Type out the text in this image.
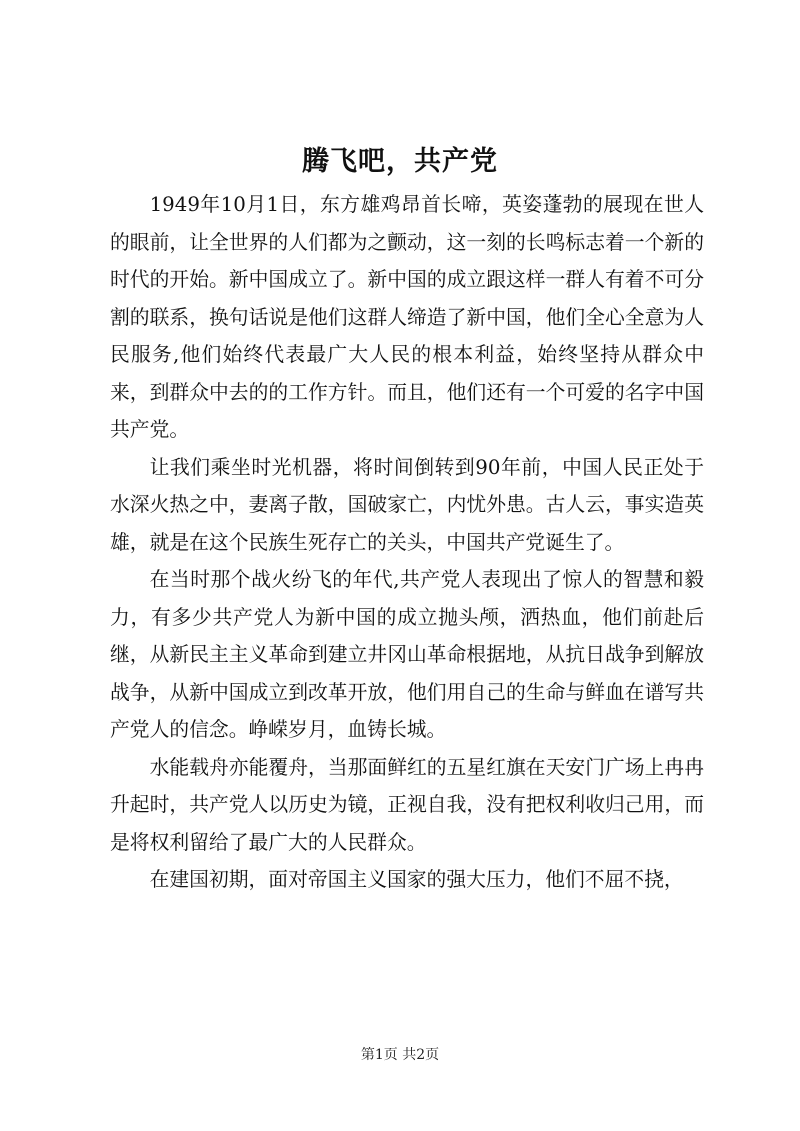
腾飞吧，共产党

1949年10月1日，东方雄鸡昂首长啼，英姿蓬勃的展现在世人的眼前，让全世界的人们都为之颤动，这一刻的长鸣标志着一个新的时代的开始。新中国成立了。新中国的成立跟这样一群人有着不可分割的联系，换句话说是他们这群人缔造了新中国，他们全心全意为人民服务,他们始终代表最广大人民的根本利益，始终坚持从群众中来，到群众中去的的工作方针。而且，他们还有一个可爱的名字中国共产党。

让我们乘坐时光机器，将时间倒转到90年前，中国人民正处于水深火热之中，妻离子散，国破家亡，内忧外患。古人云，事实造英雄，就是在这个民族生死存亡的关头，中国共产党诞生了。

在当时那个战火纷飞的年代,共产党人表现出了惊人的智慧和毅力，有多少共产党人为新中国的成立抛头颅，洒热血，他们前赴后继，从新民主主义革命到建立井冈山革命根据地，从抗日战争到解放战争，从新中国成立到改革开放，他们用自己的生命与鲜血在谱写共产党人的信念。峥嵘岁月，血铸长城。

水能载舟亦能覆舟，当那面鲜红的五星红旗在天安门广场上冉冉升起时，共产党人以历史为镜，正视自我，没有把权利收归己用，而是将权利留给了最广大的人民群众。

在建国初期，面对帝国主义国家的强大压力，他们不屈不挠，

第1页 共2页
